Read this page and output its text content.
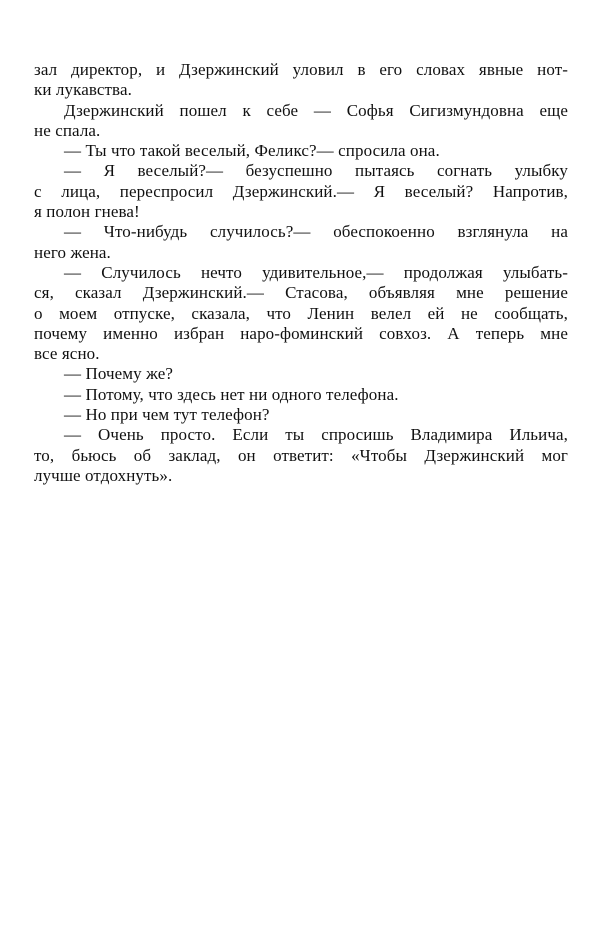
зал директор, и Дзержинский уловил в его словах явные нот-
ки лукавства.
Дзержинский пошел к себе — Софья Сигизмундовна еще
не спала.
— Ты что такой веселый, Феликс?— спросила она.
— Я веселый?— безуспешно пытаясь согнать улыбку
с лица, переспросил Дзержинский.— Я веселый? Напротив,
я полон гнева!
— Что-нибудь случилось?— обеспокоенно взглянула на
него жена.
— Случилось нечто удивительное,— продолжая улыбать-
ся, сказал Дзержинский.— Стасова, объявляя мне решение
о моем отпуске, сказала, что Ленин велел ей не сообщать,
почему именно избран наро-фоминский совхоз. А теперь мне
все ясно.
— Почему же?
— Потому, что здесь нет ни одного телефона.
— Но при чем тут телефон?
— Очень просто. Если ты спросишь Владимира Ильича,
то, бьюсь об заклад, он ответит: «Чтобы Дзержинский мог
лучше отдохнуть».
